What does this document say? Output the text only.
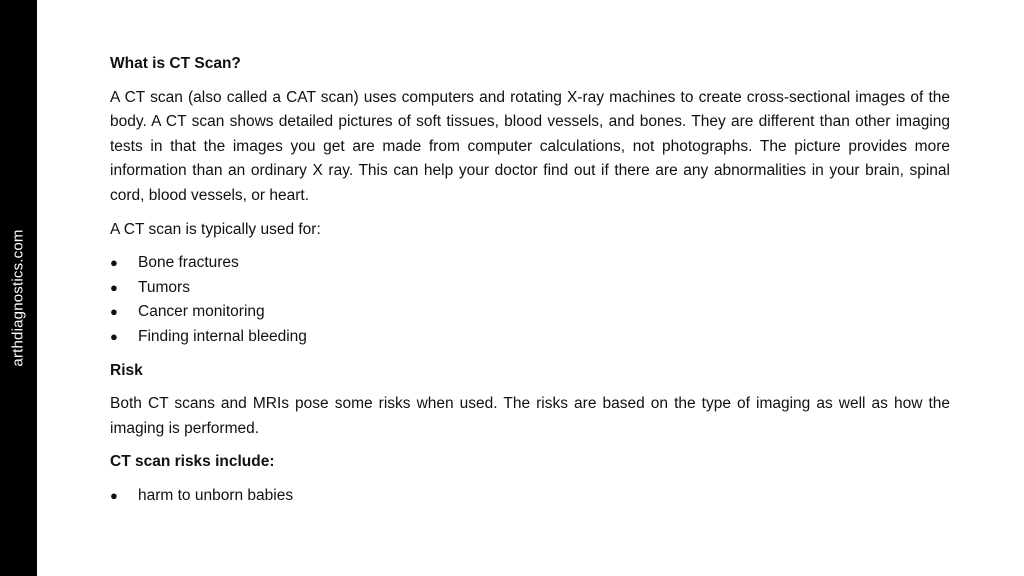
arthdiagnostics.com
What is CT Scan?
A CT scan (also called a CAT scan) uses computers and rotating X-ray machines to create cross-sectional images of the body. A CT scan shows detailed pictures of soft tissues, blood vessels, and bones. They are different than other imaging tests in that the images you get are made from computer calculations, not photographs. The picture provides more information than an ordinary X ray. This can help your doctor find out if there are any abnormalities in your brain, spinal cord, blood vessels, or heart.
A CT scan is typically used for:
●	Bone fractures
●	Tumors
●	Cancer monitoring
●	Finding internal bleeding
Risk
Both CT scans and MRIs pose some risks when used. The risks are based on the type of imaging as well as how the imaging is performed.
CT scan risks include:
●	harm to unborn babies
